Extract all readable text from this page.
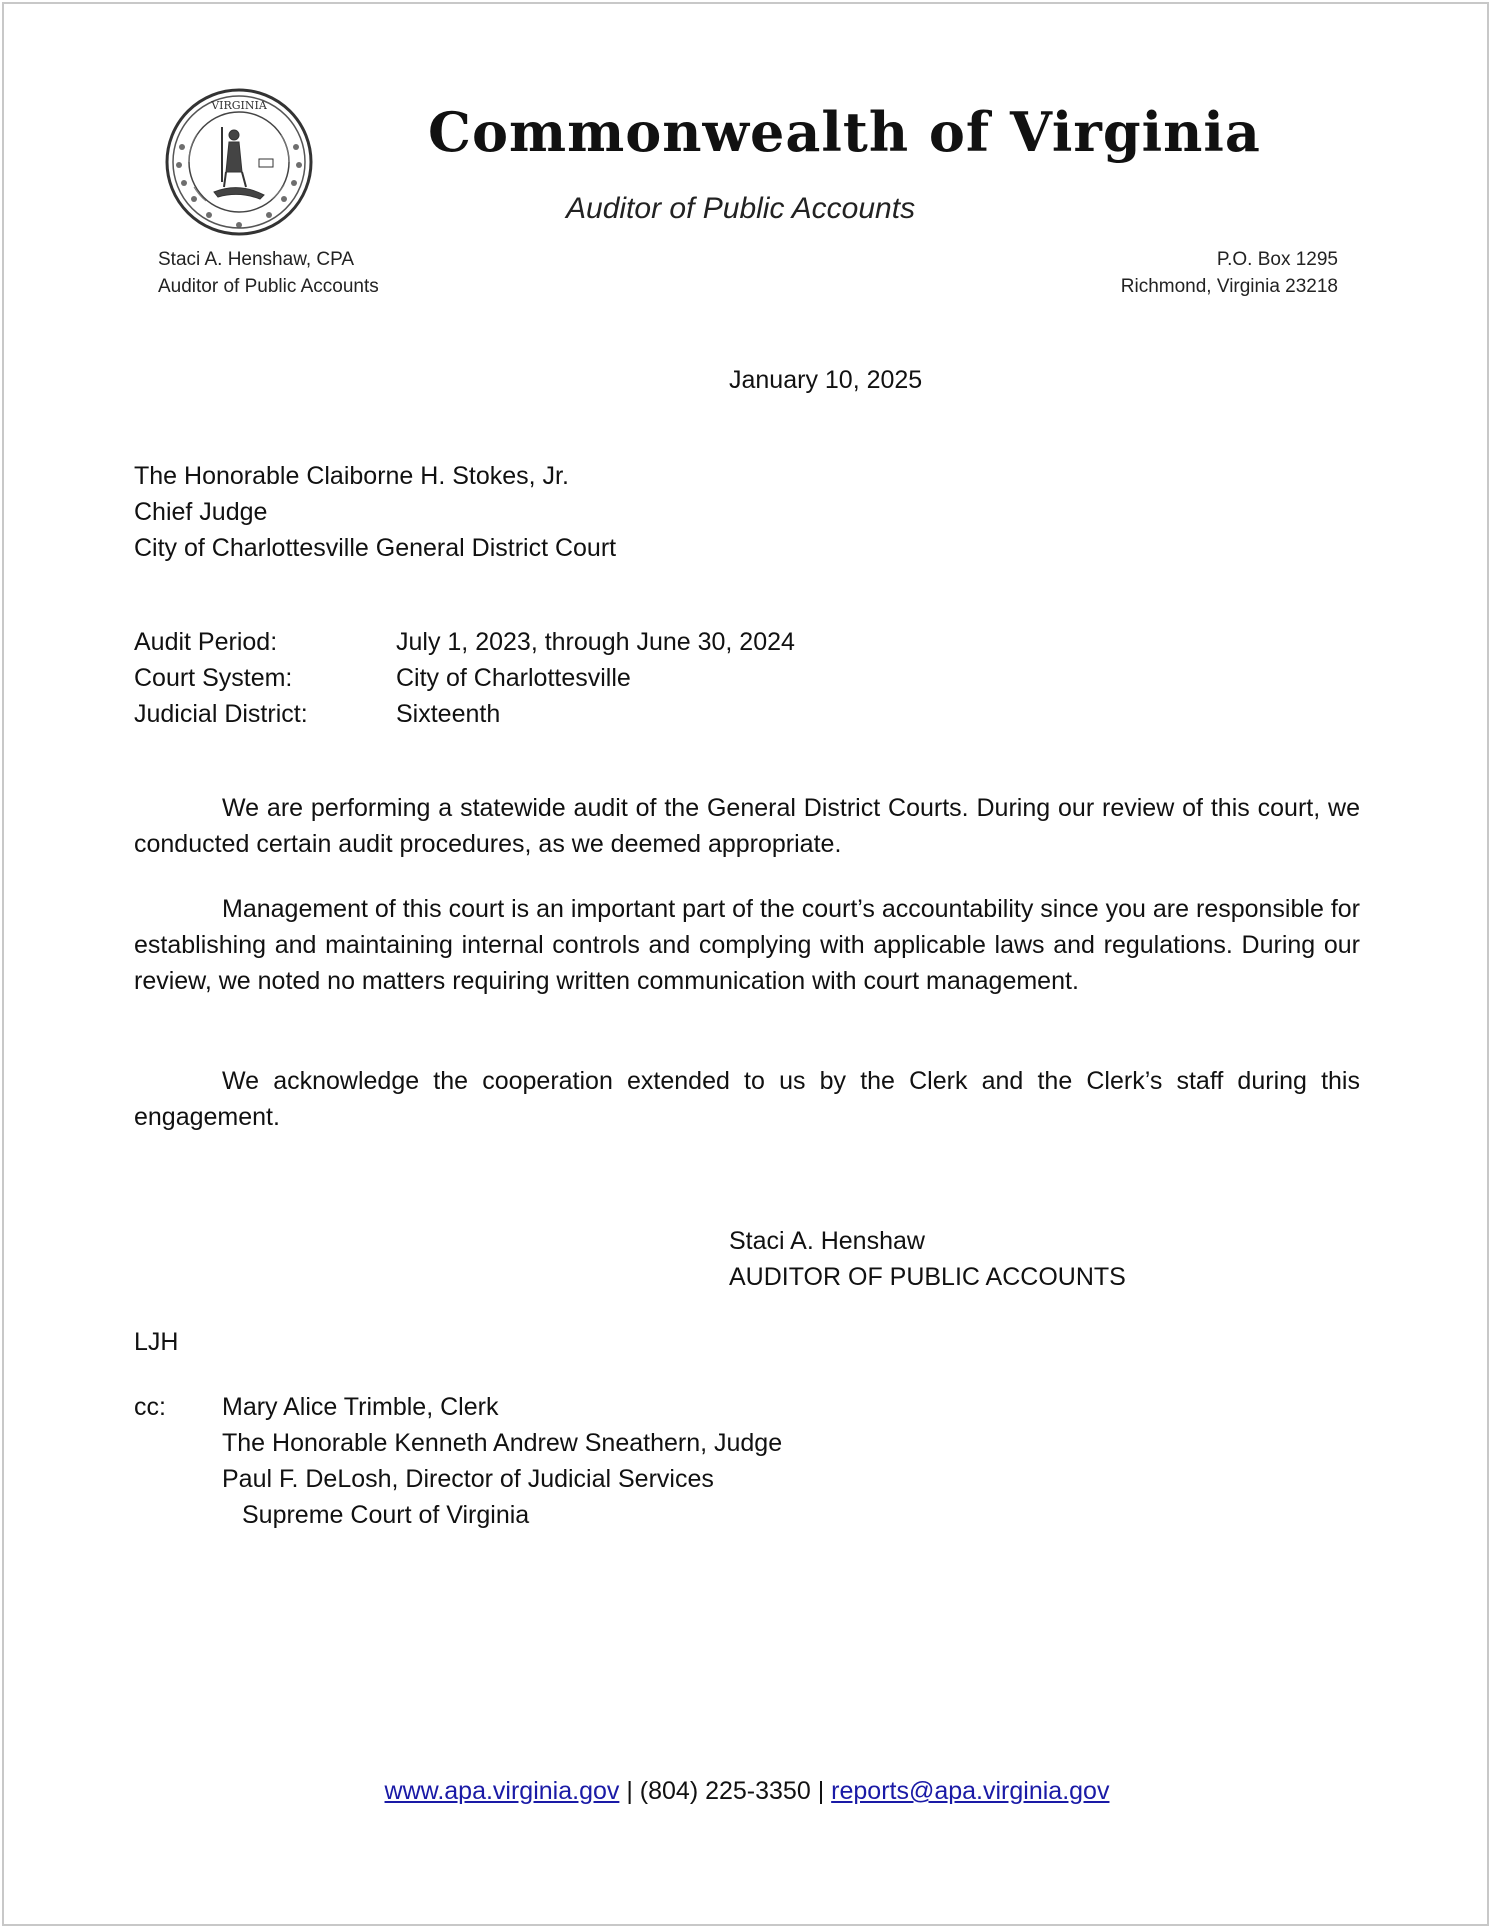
VIRGINIA	Commonwealth of Virginia
Auditor of Public Accounts
Staci A. Henshaw, CPA
Auditor of Public Accounts
P.O. Box 1295
Richmond, Virginia 23218
January 10, 2025
The Honorable Claiborne H. Stokes, Jr.
Chief Judge
City of Charlottesville General District Court
Audit Period:	July 1, 2023, through June 30, 2024
Court System:	City of Charlottesville
Judicial District:	Sixteenth

We are performing a statewide audit of the General District Courts. During our review of this court, we conducted certain audit procedures, as we deemed appropriate.

Management of this court is an important part of the court’s accountability since you are responsible for establishing and maintaining internal controls and complying with applicable laws and regulations. During our review, we noted no matters requiring written communication with court management.

We acknowledge the cooperation extended to us by the Clerk and the Clerk’s staff during this engagement.

Staci A. Henshaw
AUDITOR OF PUBLIC ACCOUNTS
LJH
cc: Mary Alice Trimble, Clerk
The Honorable Kenneth Andrew Sneathern, Judge
Paul F. DeLosh, Director of Judicial Services
Supreme Court of Virginia
www.apa.virginia.gov | (804) 225-3350 | reports@apa.virginia.gov
